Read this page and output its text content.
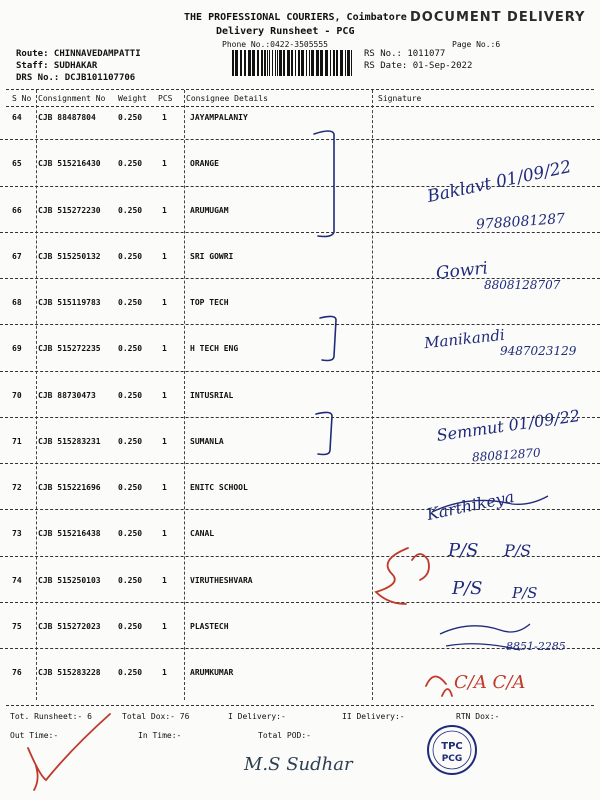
THE PROFESSIONAL COURIERS, Coimbatore DOCUMENT DELIVERY
Delivery Runsheet - PCG
Phone No.:0422-3505555	Page No.:6
Route: CHINNAVEDAMPATTI
Staff: SUDHAKAR
DRS No.: DCJB101107706
RS No.: 1011077
RS Date: 01-Sep-2022
S No Consignment No Weight PCS Consignee Details	Signature
64 CJB 88487804	0.250 1	JAYAMPALANIY
65 CJB 515216430 0.250 1	ORANGE
66 CJB 515272230 0.250 1	ARUMUGAM
67 CJB 515250132 0.250 1	SRI GOWRI
68 CJB 515119783 0.250 1	TOP TECH
69 CJB 515272235 0.250 1	H TECH ENG
70 CJB 88730473	0.250 1	INTUSRIAL
71 CJB 515283231 0.250 1	SUMANLA
72 CJB 515221696 0.250 1	ENITC SCHOOL
73 CJB 515216438 0.250 1	CANAL
74 CJB 515250103 0.250 1	VIRUTHESHVARA
75 CJB 515272023 0.250 1	PLASTECH
76 CJB 515283228 0.250 1	ARUMKUMAR
Tot. Runsheet:- 6	Total Dox:- 76	I Delivery:-	II Delivery:-	RTN Dox:-
Out Time:-	In Time:-	Total POD:-
Baklavt 01/09/22
9788081287
Gowri
8808128707
Manikandi
9487023129
Semmut 01/09/22
880812870
Karthikeya
P/S P/S
P/S P/S
8851-2285
C/A C/A
M.S Sudhar
TPC
PCG
